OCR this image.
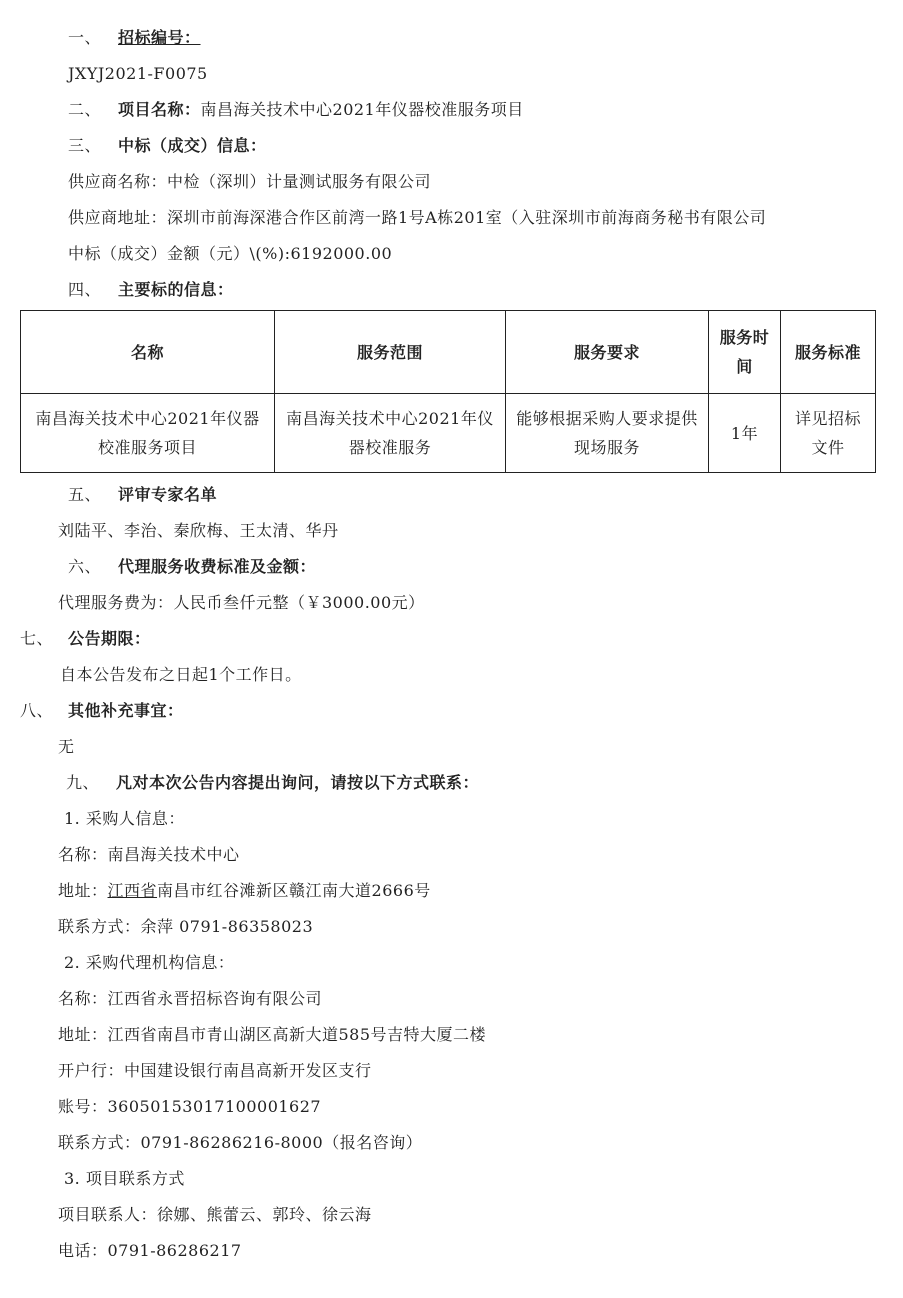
一、 招标编号：
JXYJ2021-F0075
二、 项目名称：南昌海关技术中心2021年仪器校准服务项目
三、 中标（成交）信息：
供应商名称：中检（深圳）计量测试服务有限公司
供应商地址：深圳市前海深港合作区前湾一路1号A栋201室（入驻深圳市前海商务秘书有限公司
中标（成交）金额（元）\(%):6192000.00
四、 主要标的信息：
名称	服务范围	服务要求	服务时间	服务标准
南昌海关技术中心2021年仪器校准服务项目	南昌海关技术中心2021年仪器校准服务	能够根据采购人要求提供现场服务	1年	详见招标文件
五、 评审专家名单
刘陆平、李治、秦欣梅、王太清、华丹
六、 代理服务收费标准及金额：
代理服务费为：人民币叁仟元整（￥3000.00元）
七、 公告期限：
自本公告发布之日起1个工作日。
八、 其他补充事宜：
无
九、 凡对本次公告内容提出询问，请按以下方式联系：
1. 采购人信息：
名称：南昌海关技术中心
地址：江西省南昌市红谷滩新区赣江南大道2666号
联系方式：余萍 0791-86358023
2. 采购代理机构信息：
名称：江西省永晋招标咨询有限公司
地址：江西省南昌市青山湖区高新大道585号吉特大厦二楼
开户行：中国建设银行南昌高新开发区支行
账号：36050153017100001627
联系方式：0791-86286216-8000（报名咨询）
3. 项目联系方式
项目联系人：徐娜、熊蕾云、郭玲、徐云海
电话：0791-86286217
